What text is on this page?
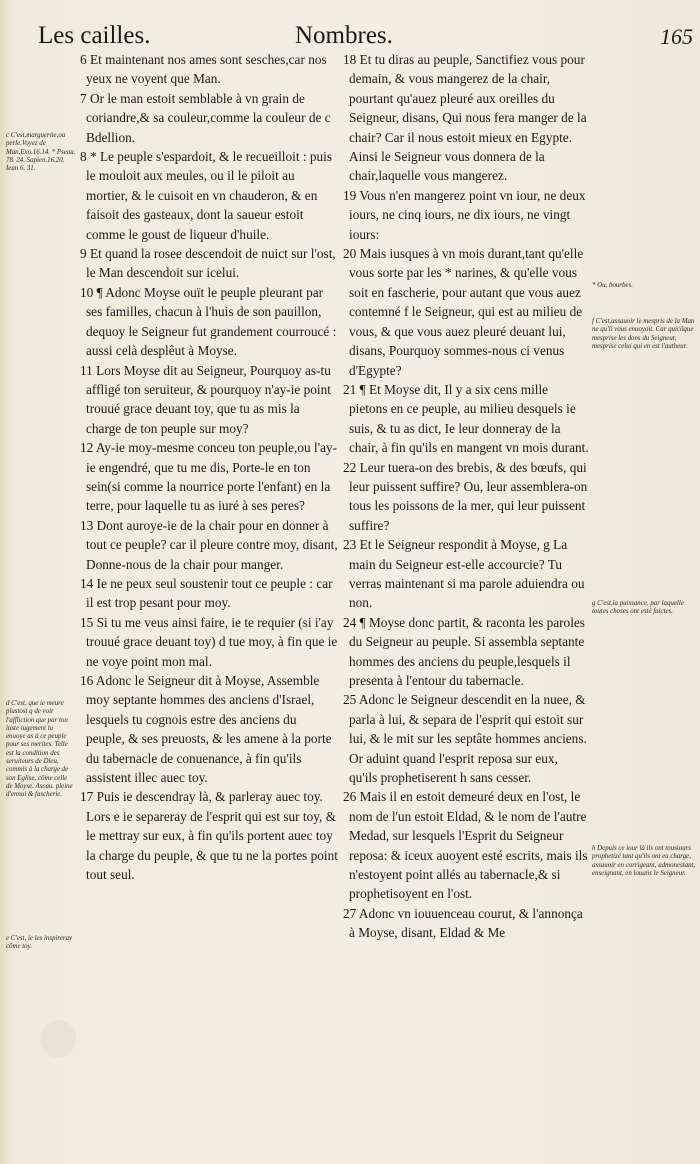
Les cailles.	Nombres.	165

6 Et maintenant nos ames sont sesches,car nos yeux ne voyent que Man.

7 Or le man estoit semblable à vn grain de coriandre,& sa couleur,comme la couleur de c Bdellion.

8 * Le peuple s'espardoit, & le recueilloit : puis le mouloit aux meules, ou il le piloit au mortier, & le cuisoit en vn chauderon, & en faisoit des gasteaux, dont la saueur estoit comme le goust de liqueur d'huile.

9 Et quand la rosee descendoit de nuict sur l'ost, le Man descendoit sur icelui.

10 ¶ Adonc Moyse ouït le peuple pleurant par ses familles, chacun à l'huis de son pauillon, dequoy le Seigneur fut grandement courroucé : aussi celà desplêut à Moyse.

11 Lors Moyse dit au Seigneur, Pourquoy as-tu affligé ton seruiteur, & pourquoy n'ay-ie point trouué grace deuant toy, que tu as mis la charge de ton peuple sur moy?

12 Ay-ie moy-mesme conceu ton peuple,ou l'ay-ie engendré, que tu me dis, Porte-le en ton sein(si comme la nourrice porte l'enfant) en la terre, pour laquelle tu as iuré à ses peres?

13 Dont auroye-ie de la chair pour en donner à tout ce peuple? car il pleure contre moy, disant, Donne-nous de la chair pour manger.

14 Ie ne peux seul soustenir tout ce peuple : car il est trop pesant pour moy.

15 Si tu me veus ainsi faire, ie te requier (si i'ay trouué grace deuant toy) d tue moy, à fin que ie ne voye point mon mal.

16 Adonc le Seigneur dit à Moyse, Assemble moy septante hommes des anciens d'Israel, lesquels tu cognois estre des anciens du peuple, & ses preuosts, & les amene à la porte du tabernacle de conuenance, à fin qu'ils assistent illec auec toy.

17 Puis ie descendray là, & parleray auec toy. Lors e ie separeray de l'esprit qui est sur toy, & le mettray sur eux, à fin qu'ils portent auec toy la charge du peuple, & que tu ne la portes point tout seul.

18 Et tu diras au peuple, Sanctifiez vous pour demain, & vous mangerez de la chair, pourtant qu'auez pleuré aux oreilles du Seigneur, disans, Qui nous fera manger de la chair? Car il nous estoit mieux en Egypte. Ainsi le Seigneur vous donnera de la chair,laquelle vous mangerez.

19 Vous n'en mangerez point vn iour, ne deux iours, ne cinq iours, ne dix iours, ne vingt iours:

20 Mais iusques à vn mois durant,tant qu'elle vous sorte par les * narines, & qu'elle vous soit en fascherie, pour autant que vous auez contemné f le Seigneur, qui est au milieu de vous, & que vous auez pleuré deuant lui, disans, Pourquoy sommes-nous ci venus d'Egypte?

21 ¶ Et Moyse dit, Il y a six cens mille pietons en ce peuple, au milieu desquels ie suis, & tu as dict, Ie leur donneray de la chair, à fin qu'ils en mangent vn mois durant.

22 Leur tuera-on des brebis, & des bœufs, qui leur puissent suffire? Ou, leur assemblera-on tous les poissons de la mer, qui leur puissent suffire?

23 Et le Seigneur respondit à Moyse, g La main du Seigneur est-elle accourcie? Tu verras maintenant si ma parole aduiendra ou non.

24 ¶ Moyse donc partit, & raconta les paroles du Seigneur au peuple. Si assembla septante hommes des anciens du peuple,lesquels il presenta à l'entour du tabernacle.

25 Adonc le Seigneur descendit en la nuee, & parla à lui, & separa de l'esprit qui estoit sur lui, & le mit sur les septâte hommes anciens. Or aduint quand l'esprit reposa sur eux, qu'ils prophetiserent h sans cesser.

26 Mais il en estoit demeuré deux en l'ost, le nom de l'un estoit Eldad, & le nom de l'autre Medad, sur lesquels l'Esprit du Seigneur reposa: & iceux auoyent esté escrits, mais ils n'estoyent point allés au tabernacle,& si prophetisoyent en l'ost.

27 Adonc vn iouuenceau courut, & l'annonça à Moyse, disant, Eldad & Me

c C'est,marguerite,ou perle.Voyez de Man,Exo.16.14. * Pseau. 78. 24. Sapien.16.20. Iean 6. 31.
d C'est, que ie meure plustost q de voir l'affliction que par ton iuste iugement tu enuoye as à ce peuple pour ses merites. Telle est la condition des seruiteurs de Dieu, commis à la charge de son Eglise, cõme celle de Moyse. Ascau. pleine d'ennui & fascherie.
e C'est, ie les inspireray cõme toy.
* Ou, bourbes.
f C'est,assauoir le mespris de la Man ne qu'il vous enuoyoit. Car quicõque mesprise les dons du Seigneur, mesprise celui qui en est l'autheur.
g C'est,la puissance, par laquelle toutes choses ont esté faictes.
h Depuis ce iour là ils ont tousiours prophetizé tant qu'ils ont eu charge, assauoir en corrigeant, admonestant, enseignant, en louans le Seigneur.
